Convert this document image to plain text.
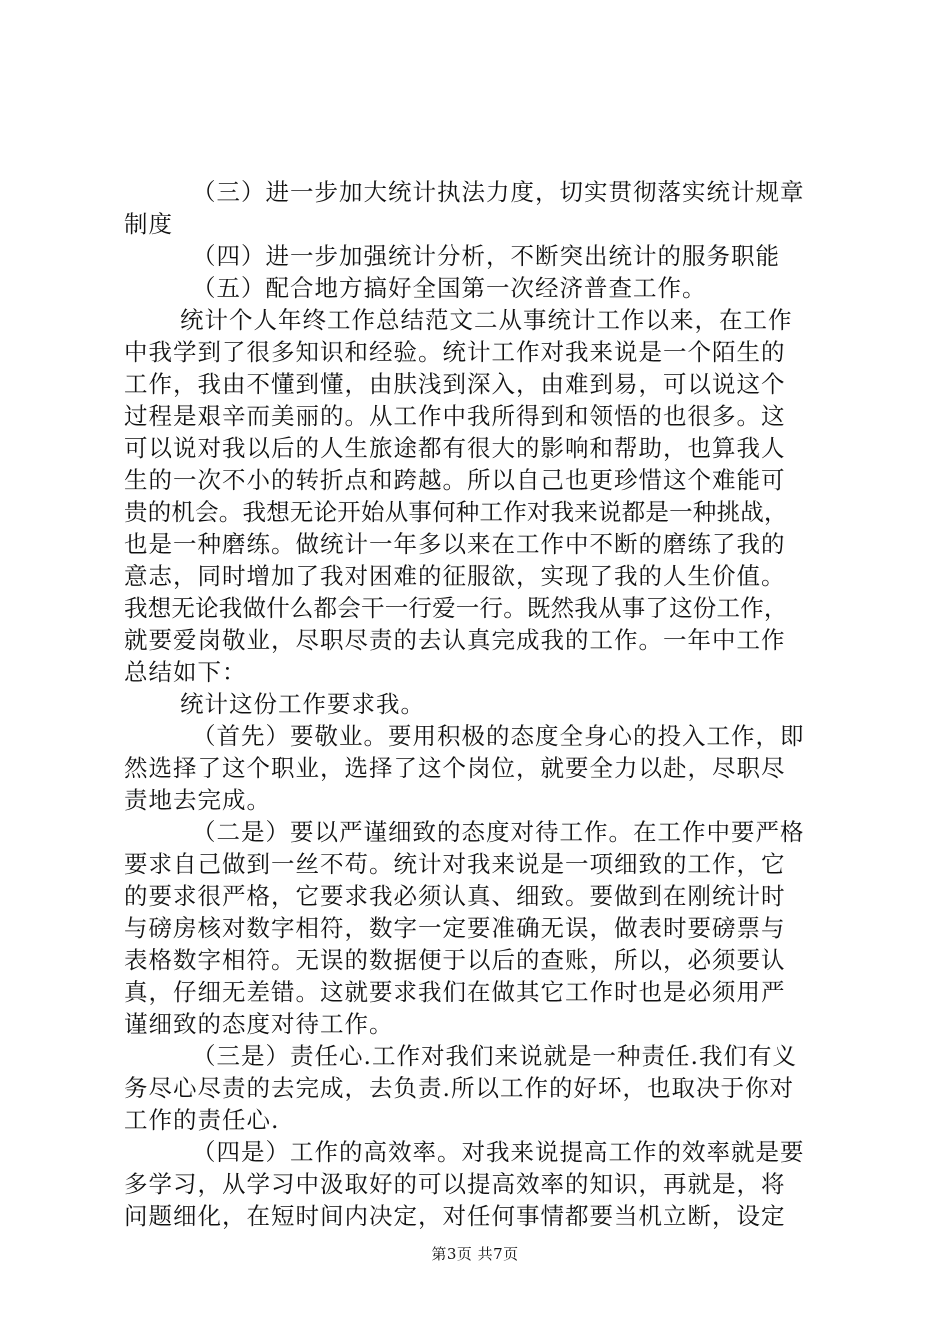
（三）进一步加大统计执法力度，切实贯彻落实统计规章
制度
（四）进一步加强统计分析，不断突出统计的服务职能
（五）配合地方搞好全国第一次经济普查工作。
统计个人年终工作总结范文二从事统计工作以来，在工作
中我学到了很多知识和经验。统计工作对我来说是一个陌生的
工作，我由不懂到懂，由肤浅到深入，由难到易，可以说这个
过程是艰辛而美丽的。从工作中我所得到和领悟的也很多。这
可以说对我以后的人生旅途都有很大的影响和帮助，也算我人
生的一次不小的转折点和跨越。所以自己也更珍惜这个难能可
贵的机会。我想无论开始从事何种工作对我来说都是一种挑战，
也是一种磨练。做统计一年多以来在工作中不断的磨练了我的
意志，同时增加了我对困难的征服欲，实现了我的人生价值。
我想无论我做什么都会干一行爱一行。既然我从事了这份工作，
就要爱岗敬业，尽职尽责的去认真完成我的工作。一年中工作
总结如下：
统计这份工作要求我。
（首先）要敬业。要用积极的态度全身心的投入工作，即
然选择了这个职业，选择了这个岗位，就要全力以赴，尽职尽
责地去完成。
（二是）要以严谨细致的态度对待工作。在工作中要严格
要求自己做到一丝不苟。统计对我来说是一项细致的工作，它
的要求很严格，它要求我必须认真、细致。要做到在刚统计时
与磅房核对数字相符，数字一定要准确无误，做表时要磅票与
表格数字相符。无误的数据便于以后的查账，所以，必须要认
真，仔细无差错。这就要求我们在做其它工作时也是必须用严
谨细致的态度对待工作。
（三是）责任心.工作对我们来说就是一种责任.我们有义
务尽心尽责的去完成，去负责.所以工作的好坏，也取决于你对
工作的责任心.
（四是）工作的高效率。对我来说提高工作的效率就是要
多学习，从学习中汲取好的可以提高效率的知识，再就是，将
问题细化，在短时间内决定，对任何事情都要当机立断，设定
第3页 共7页
